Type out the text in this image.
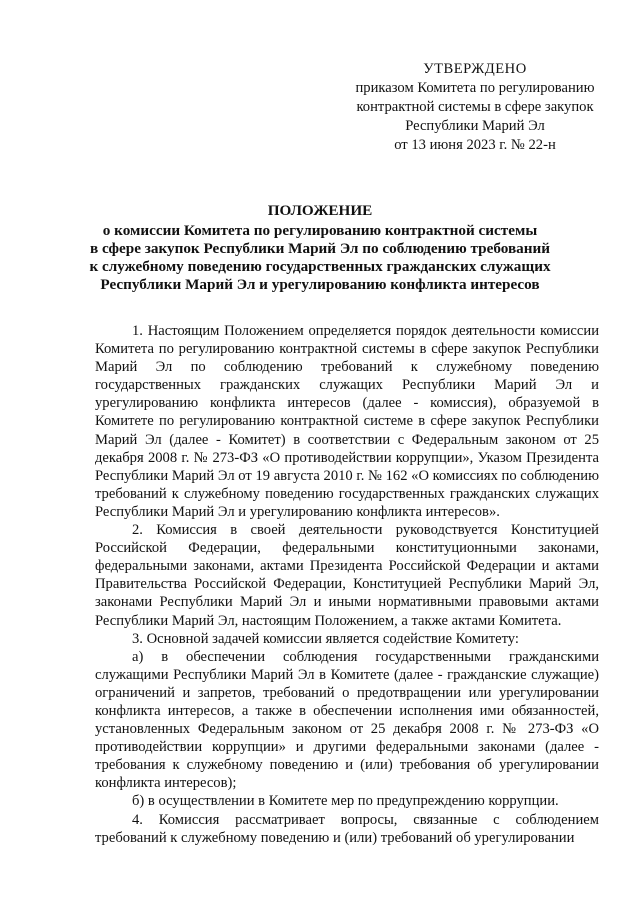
УТВЕРЖДЕНО
приказом Комитета по регулированию
контрактной системы в сфере закупок
Республики Марий Эл
от 13 июня 2023 г. № 22-н
ПОЛОЖЕНИЕ
о комиссии Комитета по регулированию контрактной системы
в сфере закупок Республики Марий Эл по соблюдению требований
к служебному поведению государственных гражданских служащих
Республики Марий Эл и урегулированию конфликта интересов

1. Настоящим Положением определяется порядок деятельности комиссии Комитета по регулированию контрактной системы в сфере закупок Республики Марий Эл по соблюдению требований к служебному поведению государственных гражданских служащих Республики Марий Эл и урегулированию конфликта интересов (далее - комиссия), образуемой в Комитете по регулированию контрактной системе в сфере закупок Республики Марий Эл (далее - Комитет) в соответствии с Федеральным законом от 25 декабря 2008 г. № 273-ФЗ «О противодействии коррупции», Указом Президента Республики Марий Эл от 19 августа 2010 г. № 162 «О комиссиях по соблюдению требований к служебному поведению государственных гражданских служащих Республики Марий Эл и урегулированию конфликта интересов».

2. Комиссия в своей деятельности руководствуется Конституцией Российской Федерации, федеральными конституционными законами, федеральными законами, актами Президента Российской Федерации и актами Правительства Российской Федерации, Конституцией Республики Марий Эл, законами Республики Марий Эл и иными нормативными правовыми актами Республики Марий Эл, настоящим Положением, а также актами Комитета.

3. Основной задачей комиссии является содействие Комитету:

а) в обеспечении соблюдения государственными гражданскими служащими Республики Марий Эл в Комитете (далее - гражданские служащие) ограничений и запретов, требований о предотвращении или урегулировании конфликта интересов, а также в обеспечении исполнения ими обязанностей, установленных Федеральным законом от 25 декабря 2008 г. № 273-ФЗ «О противодействии коррупции» и другими федеральными законами (далее - требования к служебному поведению и (или) требования об урегулировании конфликта интересов);

б) в осуществлении в Комитете мер по предупреждению коррупции.

4. Комиссия рассматривает вопросы, связанные с соблюдением требований к служебному поведению и (или) требований об урегулировании
